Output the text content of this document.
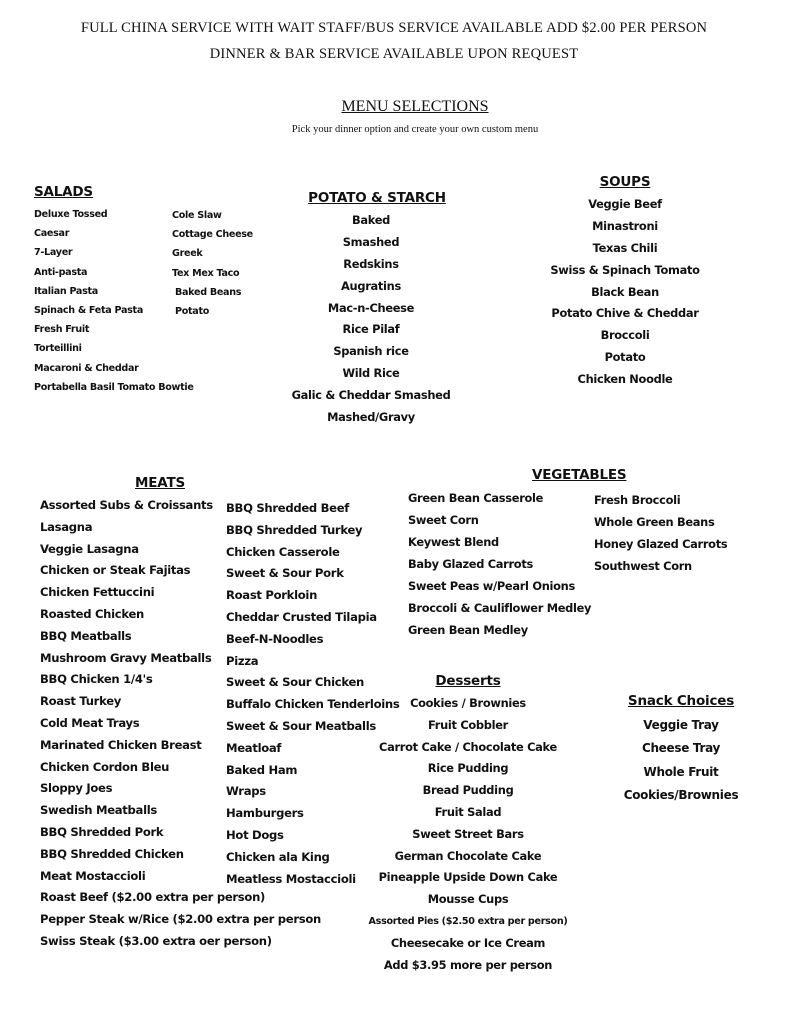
FULL CHINA SERVICE WITH WAIT STAFF/BUS SERVICE AVAILABLE ADD $2.00 PER PERSON
DINNER & BAR SERVICE AVAILABLE UPON REQUEST
MENU SELECTIONS
Pick your dinner option and create your own custom menu
SALADS
Deluxe Tossed
Caesar
7-Layer
Anti-pasta
Italian Pasta
Spinach & Feta Pasta
Fresh Fruit
Torteillini
Macaroni & Cheddar
Portabella Basil Tomato Bowtie
Cole Slaw
Cottage Cheese
Greek
Tex Mex Taco
Baked Beans
Potato
POTATO & STARCH
Baked
Smashed
Redskins
Augratins
Mac-n-Cheese
Rice Pilaf
Spanish rice
Wild Rice
Galic & Cheddar Smashed
Mashed/Gravy
SOUPS
Veggie Beef
Minastroni
Texas Chili
Swiss & Spinach Tomato
Black Bean
Potato Chive & Cheddar
Broccoli
Potato
Chicken Noodle
MEATS
Assorted Subs & Croissants
Lasagna
Veggie Lasagna
Chicken or Steak Fajitas
Chicken Fettuccini
Roasted Chicken
BBQ Meatballs
Mushroom Gravy Meatballs
BBQ Chicken 1/4's
Roast Turkey
Cold Meat Trays
Marinated Chicken Breast
Chicken Cordon Bleu
Sloppy Joes
Swedish Meatballs
BBQ Shredded Pork
BBQ Shredded Chicken
Meat Mostaccioli
Roast Beef ($2.00 extra per person)
Pepper Steak w/Rice ($2.00 extra per person
Swiss Steak ($3.00 extra oer person)
BBQ Shredded Beef
BBQ Shredded Turkey
Chicken Casserole
Sweet & Sour Pork
Roast Porkloin
Cheddar Crusted Tilapia
Beef-N-Noodles
Pizza
Sweet & Sour Chicken
Buffalo Chicken Tenderloins
Sweet & Sour Meatballs
Meatloaf
Baked Ham
Wraps
Hamburgers
Hot Dogs
Chicken ala King
Meatless Mostaccioli
VEGETABLES
Green Bean Casserole
Sweet Corn
Keywest Blend
Baby Glazed Carrots
Sweet Peas w/Pearl Onions
Broccoli & Cauliflower Medley
Green Bean Medley
Fresh Broccoli
Whole Green Beans
Honey Glazed Carrots
Southwest Corn
Desserts
Cookies / Brownies
Fruit Cobbler
Carrot Cake / Chocolate Cake
Rice Pudding
Bread Pudding
Fruit Salad
Sweet Street Bars
German Chocolate Cake
Pineapple Upside Down Cake
Mousse Cups
Assorted Pies ($2.50 extra per person)
Cheesecake or Ice Cream
Add $3.95 more per person
Snack Choices
Veggie Tray
Cheese Tray
Whole Fruit
Cookies/Brownies
